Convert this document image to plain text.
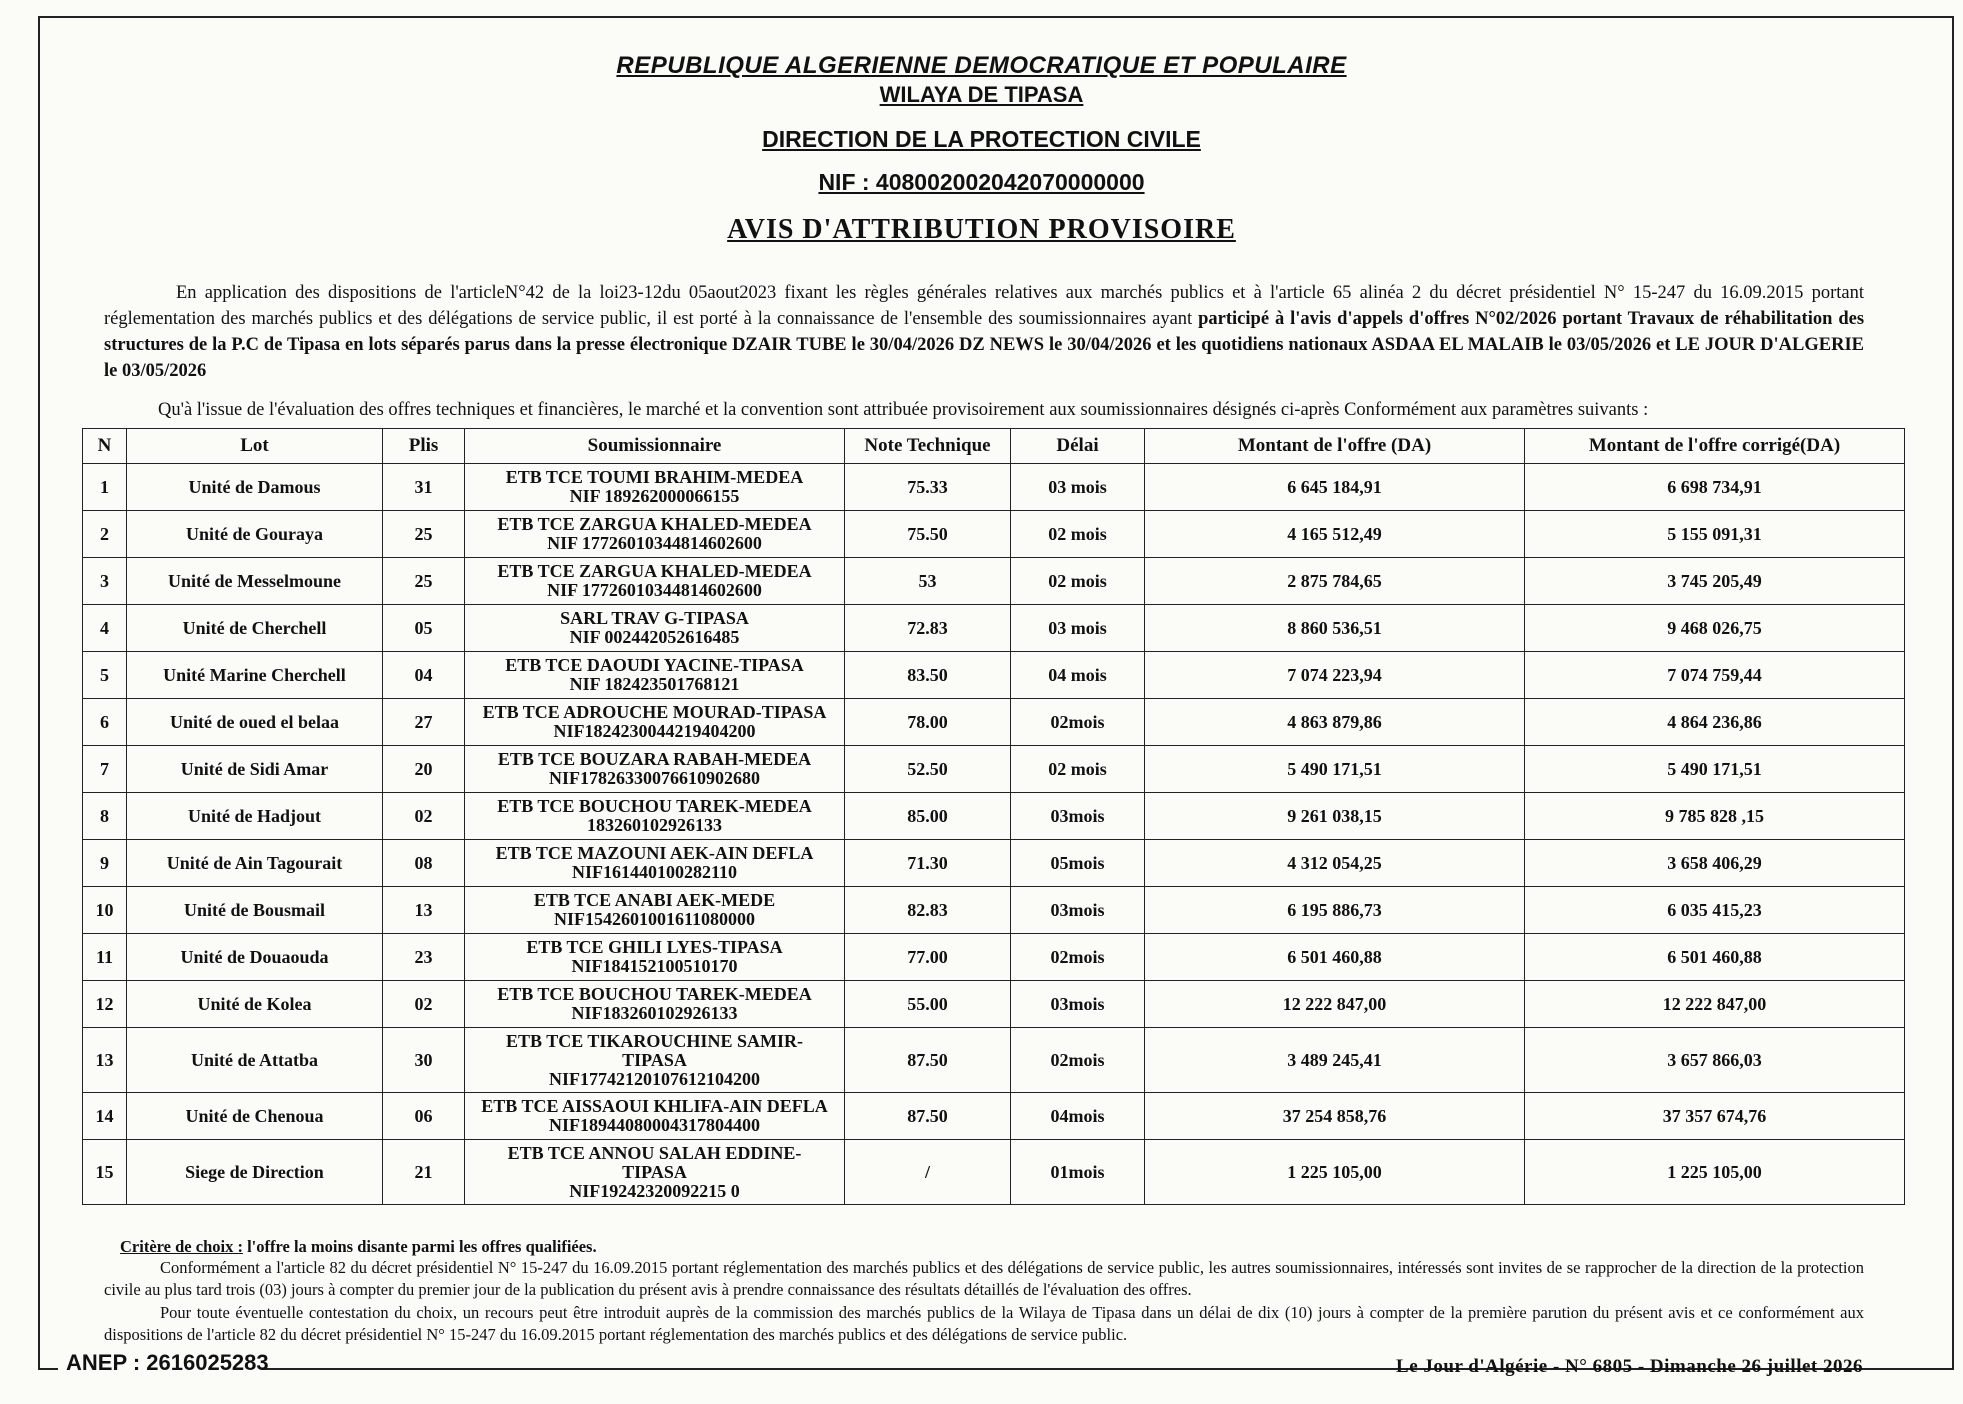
REPUBLIQUE ALGERIENNE DEMOCRATIQUE ET POPULAIRE
WILAYA DE TIPASA
DIRECTION DE LA PROTECTION CIVILE
NIF : 408002002042070000000
AVIS D'ATTRIBUTION PROVISOIRE
En application des dispositions de l'articleN°42 de la loi23-12du 05aout2023 fixant les règles générales relatives aux marchés publics et à l'article 65 alinéa 2 du décret présidentiel N° 15-247 du 16.09.2015 portant réglementation des marchés publics et des délégations de service public, il est porté à la connaissance de l'ensemble des soumissionnaires ayant participé à l'avis d'appels d'offres N°02/2026 portant Travaux de réhabilitation des structures de la P.C de Tipasa en lots séparés parus dans la presse électronique DZAIR TUBE le 30/04/2026 DZ NEWS le 30/04/2026 et les quotidiens nationaux ASDAA EL MALAIB le 03/05/2026 et LE JOUR D'ALGERIE le 03/05/2026
Qu'à l'issue de l'évaluation des offres techniques et financières, le marché et la convention sont attribuée provisoirement aux soumissionnaires désignés ci-après Conformément aux paramètres suivants :
N	Lot	Plis	Soumissionnaire	Note Technique	Délai	Montant de l'offre (DA)	Montant de l'offre corrigé(DA)
1	Unité de Damous	31	ETB TCE TOUMI BRAHIM-MEDEA
NIF 189262000066155	75.33	03 mois	6 645 184,91	6 698 734,91
2	Unité de Gouraya	25	ETB TCE ZARGUA KHALED-MEDEA
NIF 17726010344814602600	75.50	02 mois	4 165 512,49	5 155 091,31
3	Unité de Messelmoune	25	ETB TCE ZARGUA KHALED-MEDEA
NIF 17726010344814602600	53	02 mois	2 875 784,65	3 745 205,49
4	Unité de Cherchell	05	SARL TRAV G-TIPASA
NIF 002442052616485	72.83	03 mois	8 860 536,51	9 468 026,75
5	Unité Marine Cherchell	04	ETB TCE DAOUDI YACINE-TIPASA
NIF 182423501768121	83.50	04 mois	7 074 223,94	7 074 759,44
6	Unité de oued el belaa	27	ETB TCE ADROUCHE MOURAD-TIPASA
NIF1824230044219404200	78.00	02mois	4 863 879,86	4 864 236,86
7	Unité de Sidi Amar	20	ETB TCE BOUZARA RABAH-MEDEA
NIF17826330076610902680	52.50	02 mois	5 490 171,51	5 490 171,51
8	Unité de Hadjout	02	ETB TCE BOUCHOU TAREK-MEDEA
183260102926133	85.00	03mois	9 261 038,15	9 785 828 ,15
9	Unité de Ain Tagourait	08	ETB TCE MAZOUNI AEK-AIN DEFLA
NIF161440100282110	71.30	05mois	4 312 054,25	3 658 406,29
10	Unité de Bousmail	13	ETB TCE ANABI AEK-MEDE
NIF1542601001611080000	82.83	03mois	6 195 886,73	6 035 415,23
11	Unité de Douaouda	23	ETB TCE GHILI LYES-TIPASA
NIF184152100510170	77.00	02mois	6 501 460,88	6 501 460,88
12	Unité de Kolea	02	ETB TCE BOUCHOU TAREK-MEDEA
NIF183260102926133	55.00	03mois	12 222 847,00	12 222 847,00
13	Unité de Attatba	30	ETB TCE TIKAROUCHINE SAMIR-
TIPASA
NIF17742120107612104200	87.50	02mois	3 489 245,41	3 657 866,03
14	Unité de Chenoua	06	ETB TCE AISSAOUI KHLIFA-AIN DEFLA
NIF18944080004317804400	87.50	04mois	37 254 858,76	37 357 674,76
15	Siege de Direction	21	ETB TCE ANNOU SALAH EDDINE-
TIPASA
NIF19242320092215 0	/	01mois	1 225 105,00	1 225 105,00
Critère de choix : l'offre la moins disante parmi les offres qualifiées.
Conformément a l'article 82 du décret présidentiel N° 15-247 du 16.09.2015 portant réglementation des marchés publics et des délégations de service public, les autres soumissionnaires, intéressés sont invites de se rapprocher de la direction de la protection civile au plus tard trois (03) jours à compter du premier jour de la publication du présent avis à prendre connaissance des résultats détaillés de l'évaluation des offres.
Pour toute éventuelle contestation du choix, un recours peut être introduit auprès de la commission des marchés publics de la Wilaya de Tipasa dans un délai de dix (10) jours à compter de la première parution du présent avis et ce conformément aux dispositions de l'article 82 du décret présidentiel N° 15-247 du 16.09.2015 portant réglementation des marchés publics et des délégations de service public.
ANEP : 2616025283	Le Jour d'Algérie - N° 6805 - Dimanche 26 juillet 2026
